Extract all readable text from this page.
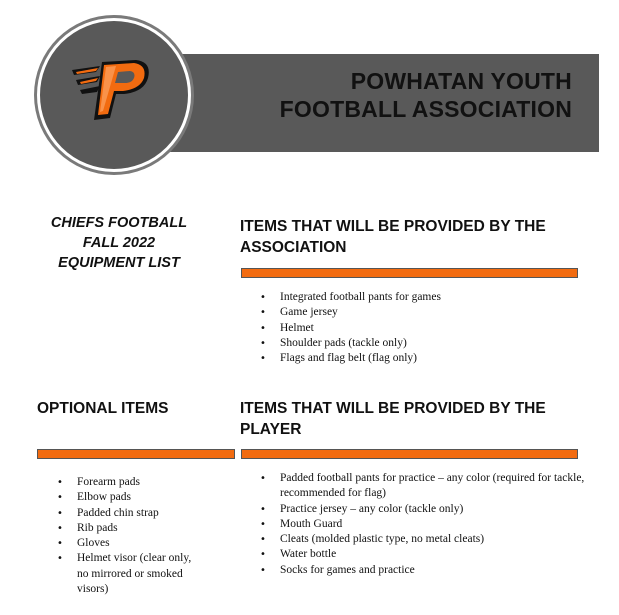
POWHATAN YOUTH
FOOTBALL ASSOCIATION
CHIEFS FOOTBALL
FALL 2022
EQUIPMENT LIST
ITEMS THAT WILL BE PROVIDED BY THE
ASSOCIATION
• Integrated football pants for games
• Game jersey
• Helmet
• Shoulder pads (tackle only)
• Flags and flag belt (flag only)
OPTIONAL ITEMS
• Forearm pads
• Elbow pads
• Padded chin strap
• Rib pads
• Gloves
• Helmet visor (clear only, no mirrored or smoked visors)
ITEMS THAT WILL BE PROVIDED BY THE
PLAYER
• Padded football pants for practice – any color (required for tackle, recommended for flag)
• Practice jersey – any color (tackle only)
• Mouth Guard
• Cleats (molded plastic type, no metal cleats)
• Water bottle
• Socks for games and practice
